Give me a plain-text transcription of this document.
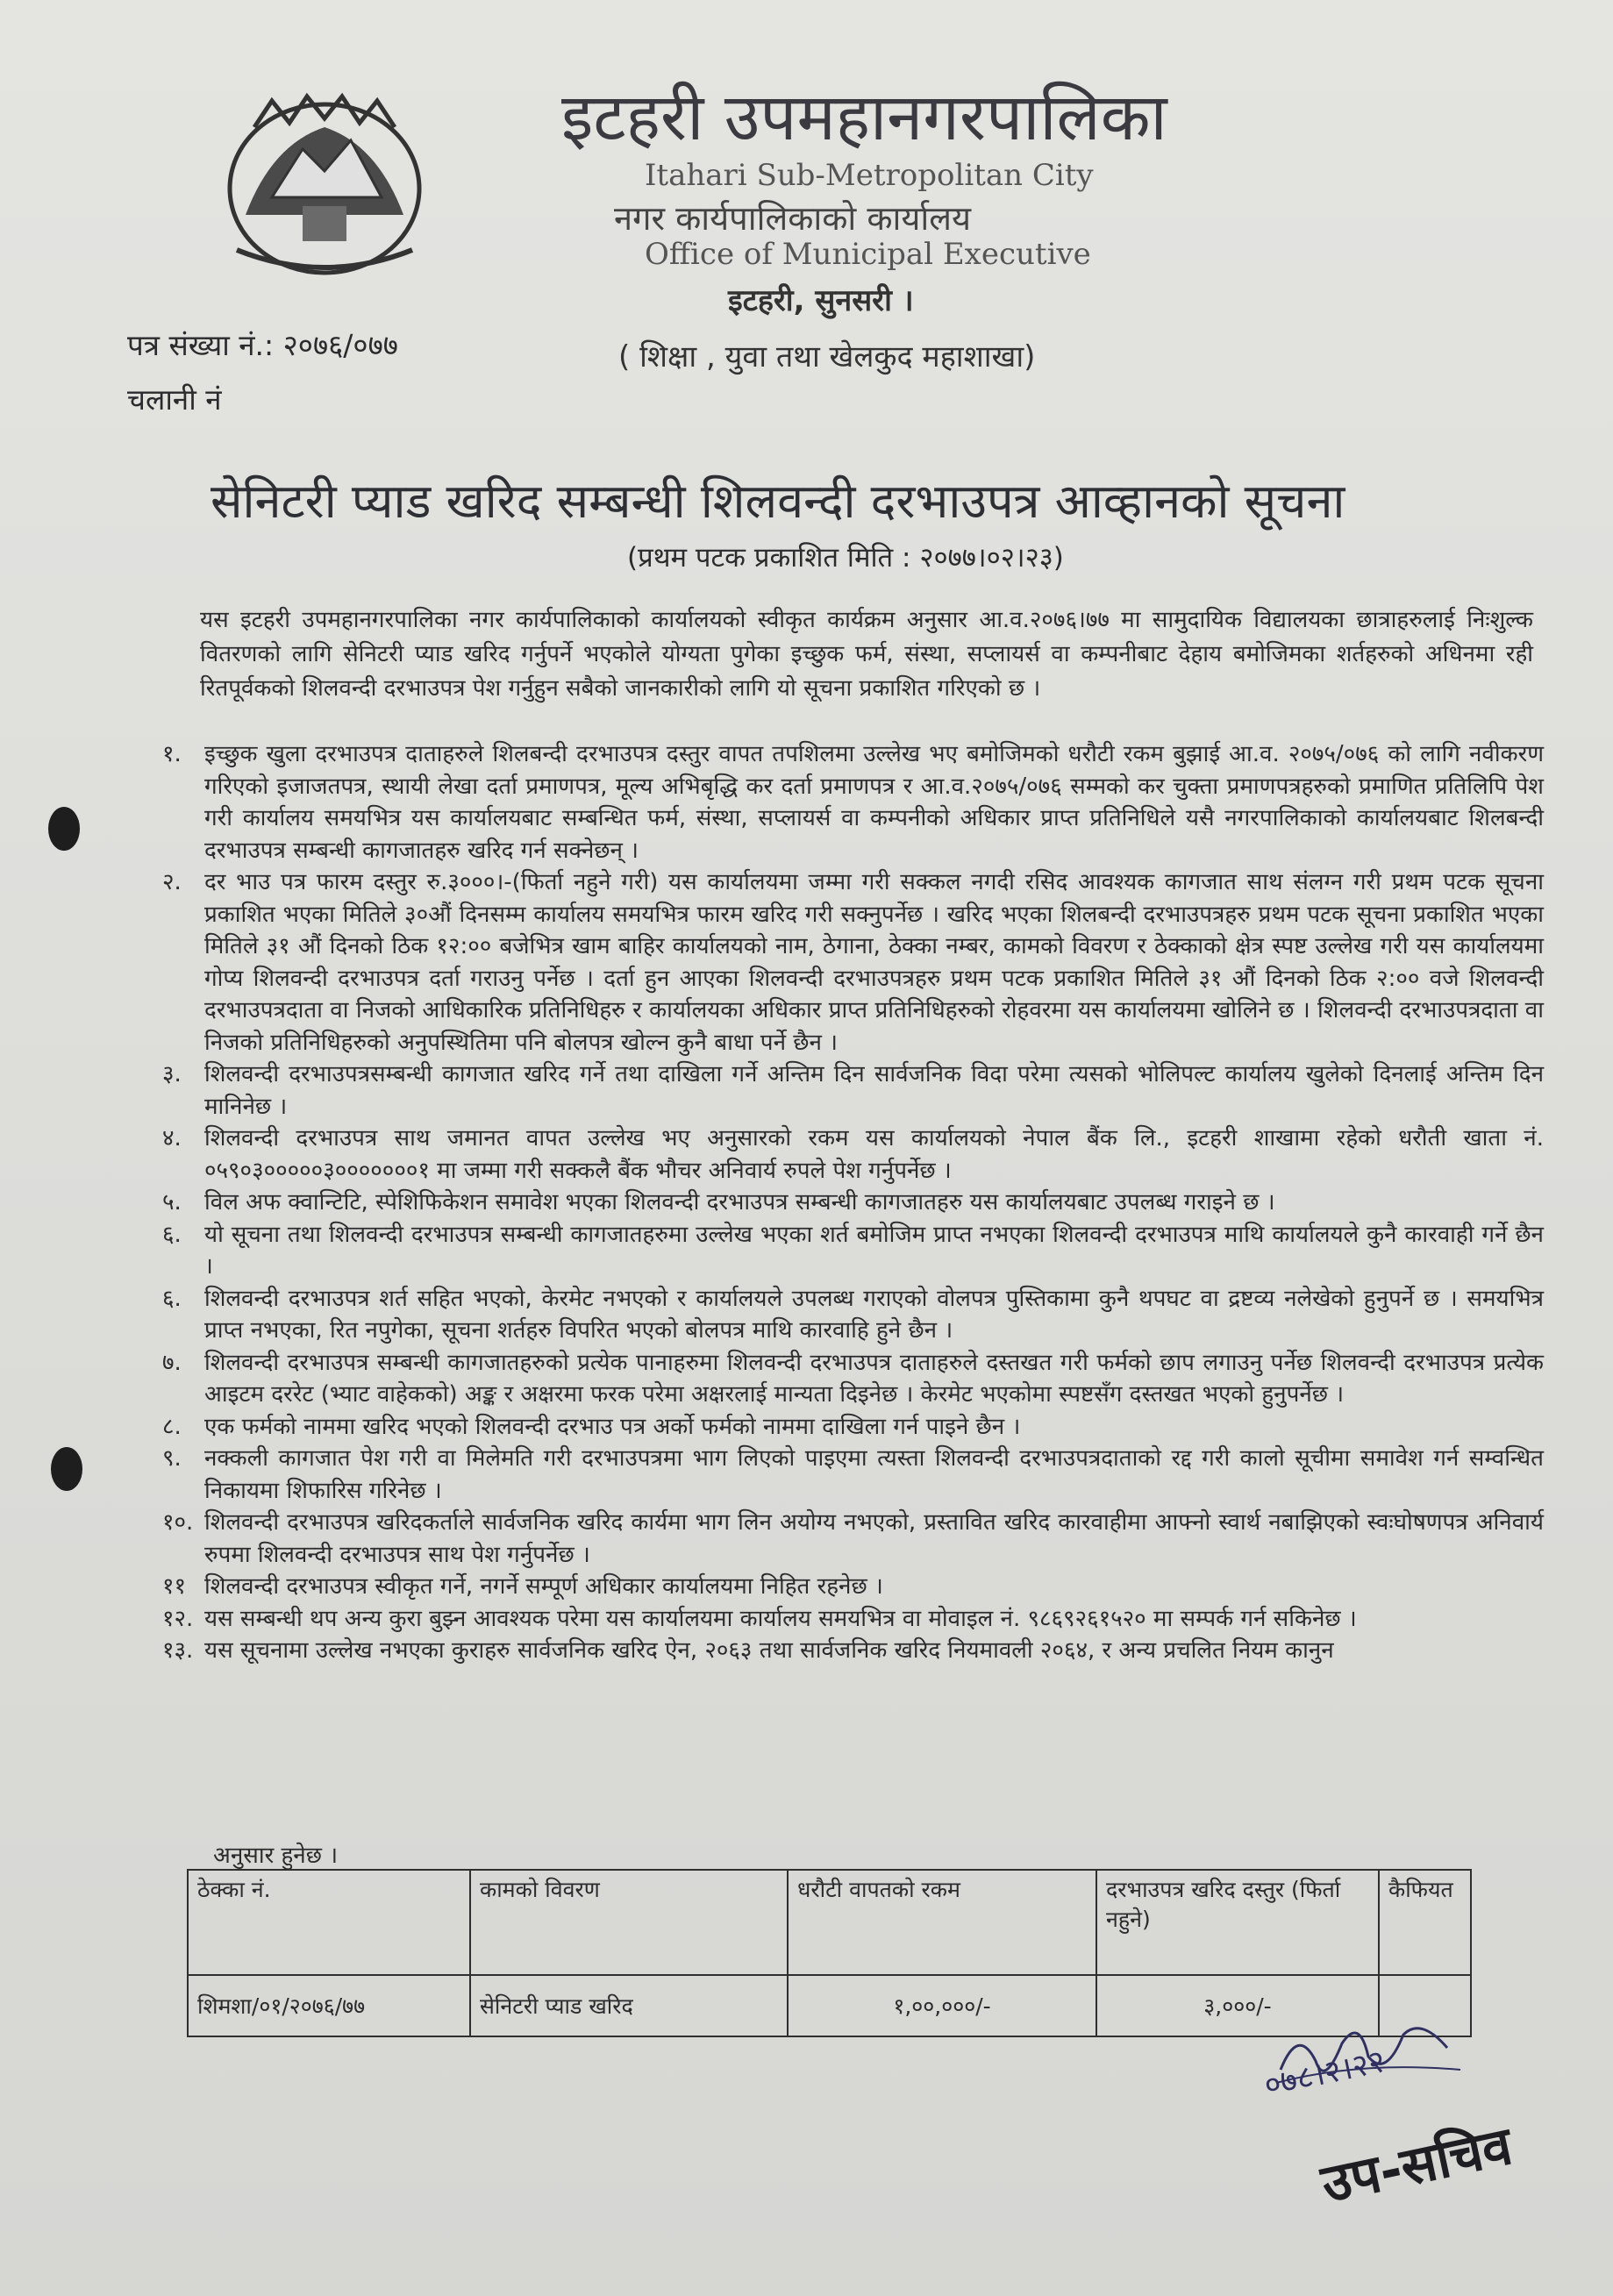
इटहरी उपमहानगरपालिका
Itahari Sub-Metropolitan City
नगर कार्यपालिकाको कार्यालय
Office of Municipal Executive
इटहरी, सुनसरी ।
( शिक्षा , युवा तथा खेलकुद महाशाखा)
पत्र संख्या नं.: २०७६/०७७
चलानी नं
सेनिटरी प्याड खरिद सम्बन्धी शिलवन्दी दरभाउपत्र आव्हानको सूचना
(प्रथम पटक प्रकाशित मिति : २०७७।०२।२३)
यस इटहरी उपमहानगरपालिका नगर कार्यपालिकाको कार्यालयको स्वीकृत कार्यक्रम अनुसार आ.व.२०७६।७७ मा सामुदायिक विद्यालयका छात्राहरुलाई निःशुल्क वितरणको लागि सेनिटरी प्याड खरिद गर्नुपर्ने भएकोले योग्यता पुगेका इच्छुक फर्म, संस्था, सप्लायर्स वा कम्पनीबाट देहाय बमोजिमका शर्तहरुको अधिनमा रही रितपूर्वकको शिलवन्दी दरभाउपत्र पेश गर्नुहुन सबैको जानकारीको लागि यो सूचना प्रकाशित गरिएको छ ।
१.	इच्छुक खुला दरभाउपत्र दाताहरुले शिलबन्दी दरभाउपत्र दस्तुर वापत तपशिलमा उल्लेख भए बमोजिमको धरौटी रकम बुझाई आ.व. २०७५/०७६ को लागि नवीकरण गरिएको इजाजतपत्र, स्थायी लेखा दर्ता प्रमाणपत्र, मूल्य अभिबृद्धि कर दर्ता प्रमाणपत्र र आ.व.२०७५/०७६ सम्मको कर चुक्ता प्रमाणपत्रहरुको प्रमाणित प्रतिलिपि पेश गरी कार्यालय समयभित्र यस कार्यालयबाट सम्बन्धित फर्म, संस्था, सप्लायर्स वा कम्पनीको अधिकार प्राप्त प्रतिनिधिले यसै नगरपालिकाको कार्यालयबाट शिलबन्दी दरभाउपत्र सम्बन्धी कागजातहरु खरिद गर्न सक्नेछन् ।
२.	दर भाउ पत्र फारम दस्तुर रु.३०००।-(फिर्ता नहुने गरी) यस कार्यालयमा जम्मा गरी सक्कल नगदी रसिद आवश्यक कागजात साथ संलग्न गरी प्रथम पटक सूचना प्रकाशित भएका मितिले ३०औं दिनसम्म कार्यालय समयभित्र फारम खरिद गरी सक्नुपर्नेछ । खरिद भएका शिलबन्दी दरभाउपत्रहरु प्रथम पटक सूचना प्रकाशित भएका मितिले ३१ औं दिनको ठिक १२:०० बजेभित्र खाम बाहिर कार्यालयको नाम, ठेगाना, ठेक्का नम्बर, कामको विवरण र ठेक्काको क्षेत्र स्पष्ट उल्लेख गरी यस कार्यालयमा गोप्य शिलवन्दी दरभाउपत्र दर्ता गराउनु पर्नेछ । दर्ता हुन आएका शिलवन्दी दरभाउपत्रहरु प्रथम पटक प्रकाशित मितिले ३१ औं दिनको ठिक २:०० वजे शिलवन्दी दरभाउपत्रदाता वा निजको आधिकारिक प्रतिनिधिहरु र कार्यालयका अधिकार प्राप्त प्रतिनिधिहरुको रोहवरमा यस कार्यालयमा खोलिने छ । शिलवन्दी दरभाउपत्रदाता वा निजको प्रतिनिधिहरुको अनुपस्थितिमा पनि बोलपत्र खोल्न कुनै बाधा पर्ने छैन ।
३.	शिलवन्दी दरभाउपत्रसम्बन्धी कागजात खरिद गर्ने तथा दाखिला गर्ने अन्तिम दिन सार्वजनिक विदा परेमा त्यसको भोलिपल्ट कार्यालय खुलेको दिनलाई अन्तिम दिन मानिनेछ ।
४.	शिलवन्दी दरभाउपत्र साथ जमानत वापत उल्लेख भए अनुसारको रकम यस कार्यालयको नेपाल बैंक लि., इटहरी शाखामा रहेको धरौती खाता नं. ०५९०३०००००३०००००००१ मा जम्मा गरी सक्कलै बैंक भौचर अनिवार्य रुपले पेश गर्नुपर्नेछ ।
५.	विल अफ क्वान्टिटि, स्पेशिफिकेशन समावेश भएका शिलवन्दी दरभाउपत्र सम्बन्धी कागजातहरु यस कार्यालयबाट उपलब्ध गराइने छ ।
६.	यो सूचना तथा शिलवन्दी दरभाउपत्र सम्बन्धी कागजातहरुमा उल्लेख भएका शर्त बमोजिम प्राप्त नभएका शिलवन्दी दरभाउपत्र माथि कार्यालयले कुनै कारवाही गर्ने छैन ।
६.	शिलवन्दी दरभाउपत्र शर्त सहित भएको, केरमेट नभएको र कार्यालयले उपलब्ध गराएको वोलपत्र पुस्तिकामा कुनै थपघट वा द्रष्टव्य नलेखेको हुनुपर्ने छ । समयभित्र प्राप्त नभएका, रित नपुगेका, सूचना शर्तहरु विपरित भएको बोलपत्र माथि कारवाहि हुने छैन ।
७.	शिलवन्दी दरभाउपत्र सम्बन्धी कागजातहरुको प्रत्येक पानाहरुमा शिलवन्दी दरभाउपत्र दाताहरुले दस्तखत गरी फर्मको छाप लगाउनु पर्नेछ शिलवन्दी दरभाउपत्र प्रत्येक आइटम दररेट (भ्याट वाहेकको) अङ्क र अक्षरमा फरक परेमा अक्षरलाई मान्यता दिइनेछ । केरमेट भएकोमा स्पष्टसँग दस्तखत भएको हुनुपर्नेछ ।
८.	एक फर्मको नाममा खरिद भएको शिलवन्दी दरभाउ पत्र अर्को फर्मको नाममा दाखिला गर्न पाइने छैन ।
९.	नक्कली कागजात पेश गरी वा मिलेमति गरी दरभाउपत्रमा भाग लिएको पाइएमा त्यस्ता शिलवन्दी दरभाउपत्रदाताको रद्द गरी कालो सूचीमा समावेश गर्न सम्वन्धित निकायमा शिफारिस गरिनेछ ।
१०. शिलवन्दी दरभाउपत्र खरिदकर्ताले सार्वजनिक खरिद कार्यमा भाग लिन अयोग्य नभएको, प्रस्तावित खरिद कारवाहीमा आफ्नो स्वार्थ नबाझिएको स्वःघोषणपत्र अनिवार्य रुपमा शिलवन्दी दरभाउपत्र साथ पेश गर्नुपर्नेछ ।
११ शिलवन्दी दरभाउपत्र स्वीकृत गर्ने, नगर्ने सम्पूर्ण अधिकार कार्यालयमा निहित रहनेछ ।
१२. यस सम्बन्धी थप अन्य कुरा बुझ्न आवश्यक परेमा यस कार्यालयमा कार्यालय समयभित्र वा मोवाइल नं. ९८६९२६१५२० मा सम्पर्क गर्न सकिनेछ ।
१३. यस सूचनामा उल्लेख नभएका कुराहरु सार्वजनिक खरिद ऐन, २०६३ तथा सार्वजनिक खरिद नियमावली २०६४, र अन्य प्रचलित नियम कानुन
अनुसार हुनेछ ।
ठेक्का नं.	कामको विवरण	धरौटी वापतको रकम	दरभाउपत्र खरिद दस्तुर (फिर्ता नहुने)	कैफियत
शिमशा/०१/२०७६/७७	सेनिटरी प्याड खरिद	१,००,०००/-	३,०००/-	
०७८।२।२२
उप-सचिव
